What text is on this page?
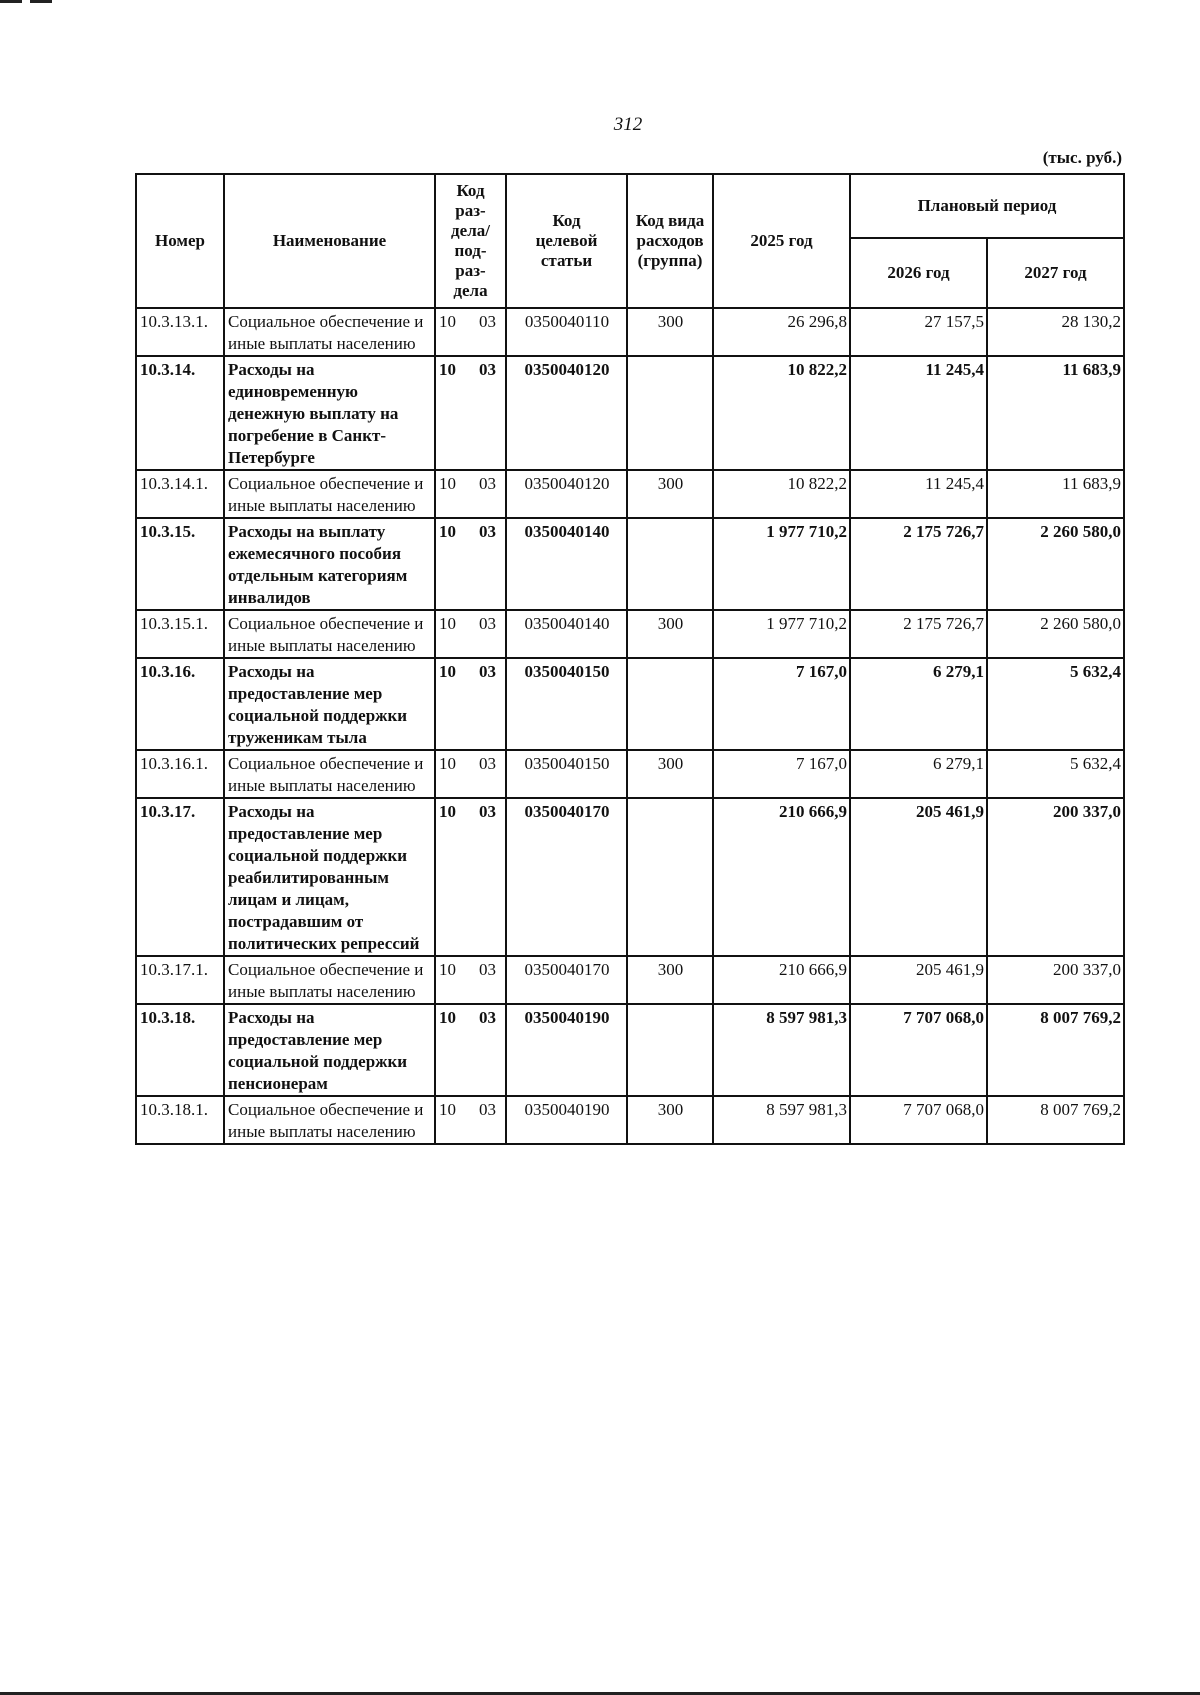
312
(тыс. руб.)
Номер	Наименование	Код раз-дела/ под-раз-дела	Код целевой статьи	Код вида расходов (группа)	2025 год	Плановый период	
						2026 год	2027 год
10.3.13.1.	Социальное обеспечение и иные выплаты населению	10 03	0350040110	300	26 296,8	27 157,5	28 130,2
10.3.14.	Расходы на единовременную денежную выплату на погребение в Санкт-Петербурге	10 03	0350040120		10 822,2	11 245,4	11 683,9
10.3.14.1.	Социальное обеспечение и иные выплаты населению	10 03	0350040120	300	10 822,2	11 245,4	11 683,9
10.3.15.	Расходы на выплату ежемесячного пособия отдельным категориям инвалидов	10 03	0350040140		1 977 710,2	2 175 726,7	2 260 580,0
10.3.15.1.	Социальное обеспечение и иные выплаты населению	10 03	0350040140	300	1 977 710,2	2 175 726,7	2 260 580,0
10.3.16.	Расходы на предоставление мер социальной поддержки труженикам тыла	10 03	0350040150		7 167,0	6 279,1	5 632,4
10.3.16.1.	Социальное обеспечение и иные выплаты населению	10 03	0350040150	300	7 167,0	6 279,1	5 632,4
10.3.17.	Расходы на предоставление мер социальной поддержки реабилитированным лицам и лицам, пострадавшим от политических репрессий	10 03	0350040170		210 666,9	205 461,9	200 337,0
10.3.17.1.	Социальное обеспечение и иные выплаты населению	10 03	0350040170	300	210 666,9	205 461,9	200 337,0
10.3.18.	Расходы на предоставление мер социальной поддержки пенсионерам	10 03	0350040190		8 597 981,3	7 707 068,0	8 007 769,2
10.3.18.1.	Социальное обеспечение и иные выплаты населению	10 03	0350040190	300	8 597 981,3	7 707 068,0	8 007 769,2
